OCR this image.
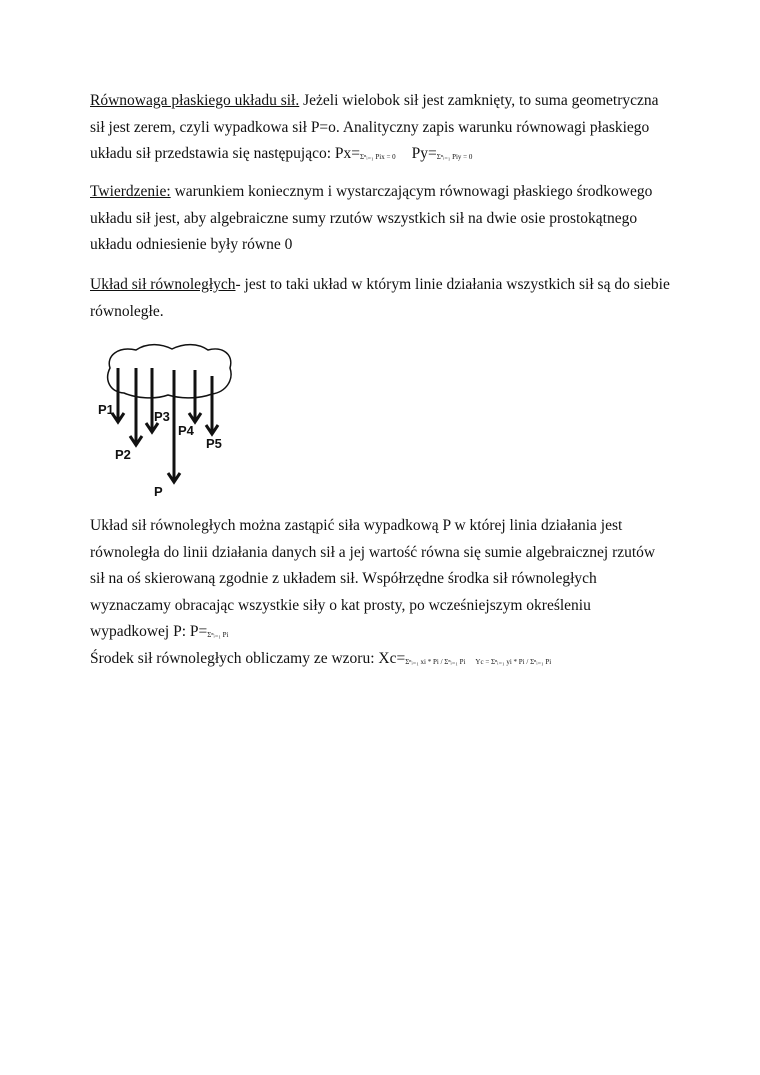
Równowaga płaskiego układu sił. Jeżeli wielobok sił jest zamknięty, to suma geometryczna sił jest zerem, czyli wypadkowa sił P=o. Analityczny zapis warunku równowagi płaskiego układu sił przedstawia się następująco: Px=Σⁿᵢ₌₁ Pix = 0 Py=Σⁿᵢ₌₁ Piy = 0
Twierdzenie: warunkiem koniecznym i wystarczającym równowagi płaskiego środkowego układu sił jest, aby algebraiczne sumy rzutów wszystkich sił na dwie osie prostokątnego układu odniesienie były równe 0
Układ sił równoległych- jest to taki układ w którym linie działania wszystkich sił są do siebie równoległe.
P1
P2
P3
P4
P5
P
Układ sił równoległych można zastąpić siła wypadkową P w której linia działania jest równoległa do linii działania danych sił a jej wartość równa się sumie algebraicznej rzutów sił na oś skierowaną zgodnie z układem sił. Współrzędne środka sił równoległych wyznaczamy obracając wszystkie siły o kat prosty, po wcześniejszym określeniu wypadkowej P: P=Σⁿᵢ₌₁ Pi
Środek sił równoległych obliczamy ze wzoru: Xc=Σⁿᵢ₌₁ xi * Pi / Σⁿᵢ₌₁ Pi Yc = Σⁿᵢ₌₁ yi * Pi / Σⁿᵢ₌₁ Pi
